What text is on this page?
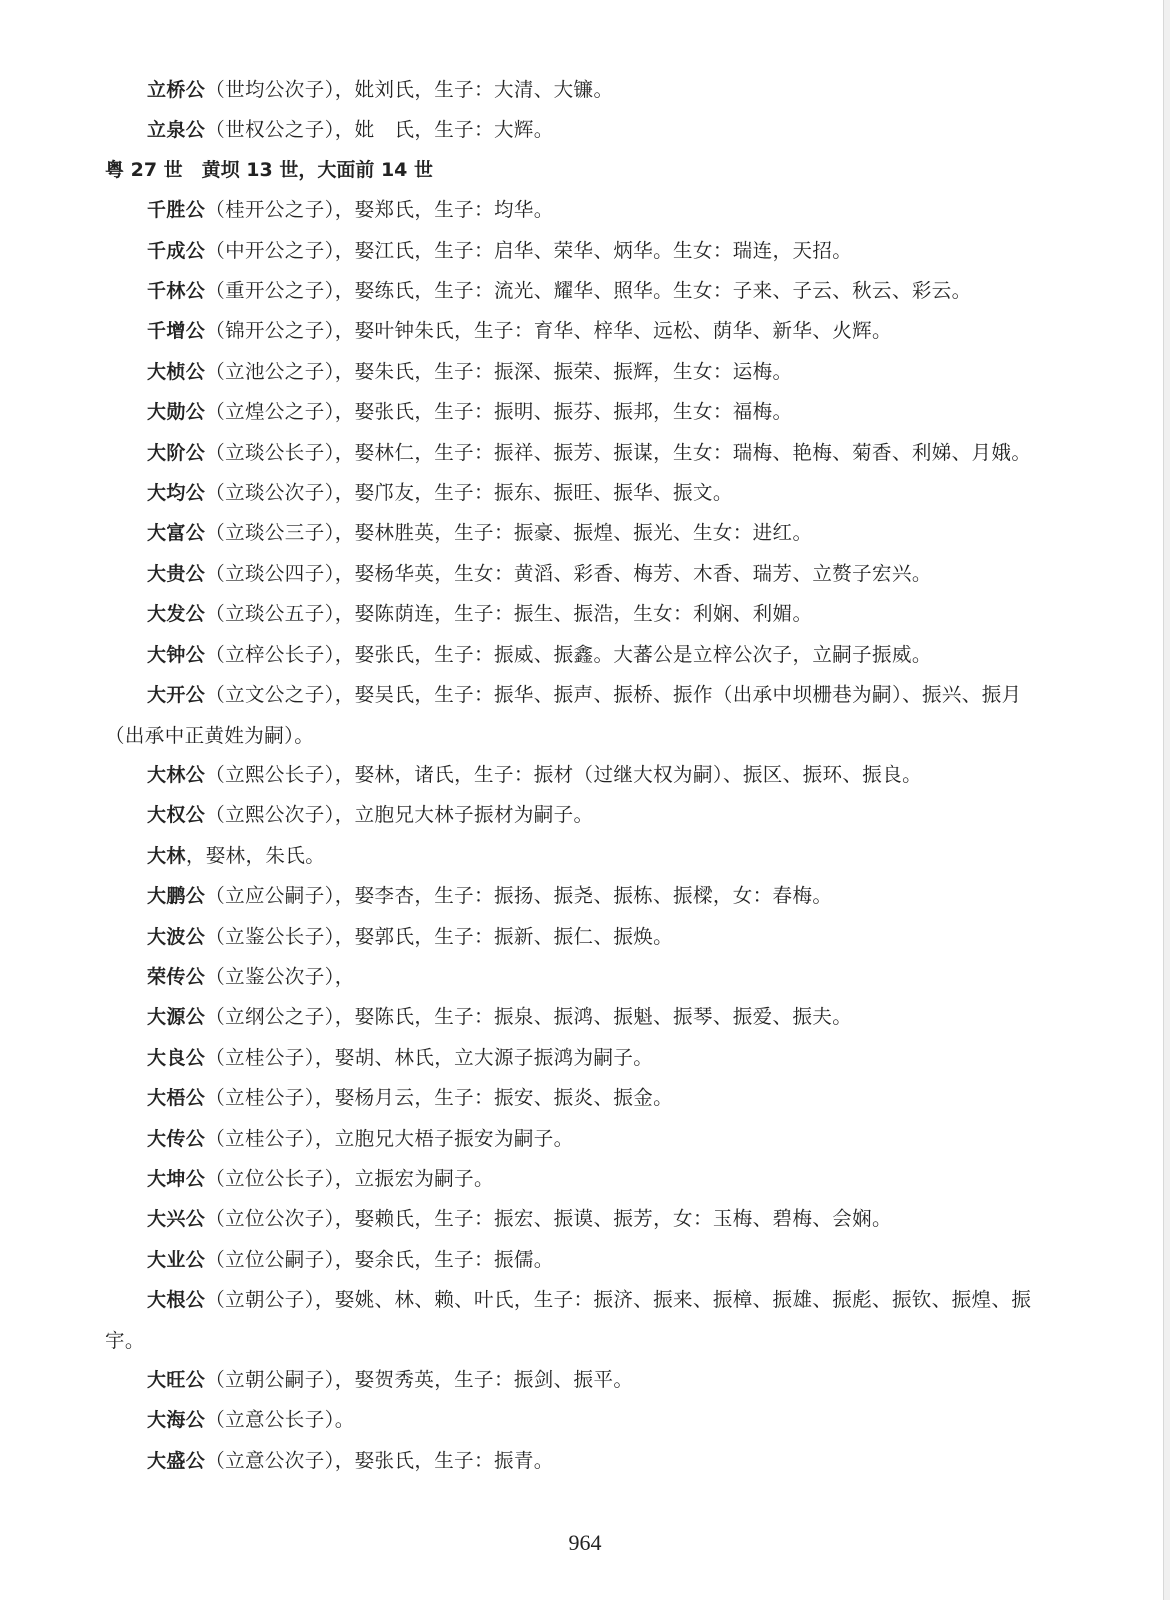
立桥公（世均公次子），妣刘氏，生子：大清、大镰。

立泉公（世权公之子），妣　氏，生子：大辉。

粤 27 世　黄坝 13 世，大面前 14 世

千胜公（桂开公之子），娶郑氏，生子：均华。

千成公（中开公之子），娶江氏，生子：启华、荣华、炳华。生女：瑞连，天招。

千林公（重开公之子），娶练氏，生子：流光、耀华、照华。生女：子来、子云、秋云、彩云。

千增公（锦开公之子），娶叶钟朱氏，生子：育华、梓华、远松、荫华、新华、火辉。

大桢公（立池公之子），娶朱氏，生子：振深、振荣、振辉，生女：运梅。

大勋公（立煌公之子），娶张氏，生子：振明、振芬、振邦，生女：福梅。

大阶公（立琰公长子），娶林仁，生子：振祥、振芳、振谋，生女：瑞梅、艳梅、菊香、利娣、月娥。

大均公（立琰公次子），娶邝友，生子：振东、振旺、振华、振文。

大富公（立琰公三子），娶林胜英，生子：振豪、振煌、振光、生女：进红。

大贵公（立琰公四子），娶杨华英，生女：黄滔、彩香、梅芳、木香、瑞芳、立赘子宏兴。

大发公（立琰公五子），娶陈荫连，生子：振生、振浩，生女：利娴、利媚。

大钟公（立梓公长子），娶张氏，生子：振威、振鑫。大蕃公是立梓公次子，立嗣子振威。

大开公（立文公之子），娶吴氏，生子：振华、振声、振桥、振作（出承中坝栅巷为嗣）、振兴、振月（出承中正黄姓为嗣）。

大林公（立熙公长子），娶林，诸氏，生子：振材（过继大权为嗣）、振区、振环、振良。

大权公（立熙公次子），立胞兄大林子振材为嗣子。

大林，娶林，朱氏。

大鹏公（立应公嗣子），娶李杏，生子：振扬、振尧、振栋、振樑，女：春梅。

大波公（立鉴公长子），娶郭氏，生子：振新、振仁、振焕。

荣传公（立鉴公次子），

大源公（立纲公之子），娶陈氏，生子：振泉、振鸿、振魁、振琴、振爱、振夫。

大良公（立桂公子），娶胡、林氏，立大源子振鸿为嗣子。

大梧公（立桂公子），娶杨月云，生子：振安、振炎、振金。

大传公（立桂公子），立胞兄大梧子振安为嗣子。

大坤公（立位公长子），立振宏为嗣子。

大兴公（立位公次子），娶赖氏，生子：振宏、振谟、振芳，女：玉梅、碧梅、会娴。

大业公（立位公嗣子），娶余氏，生子：振儒。

大根公（立朝公子），娶姚、林、赖、叶氏，生子：振济、振来、振樟、振雄、振彪、振钦、振煌、振宇。

大旺公（立朝公嗣子），娶贺秀英，生子：振剑、振平。

大海公（立意公长子）。

大盛公（立意公次子），娶张氏，生子：振青。

964
